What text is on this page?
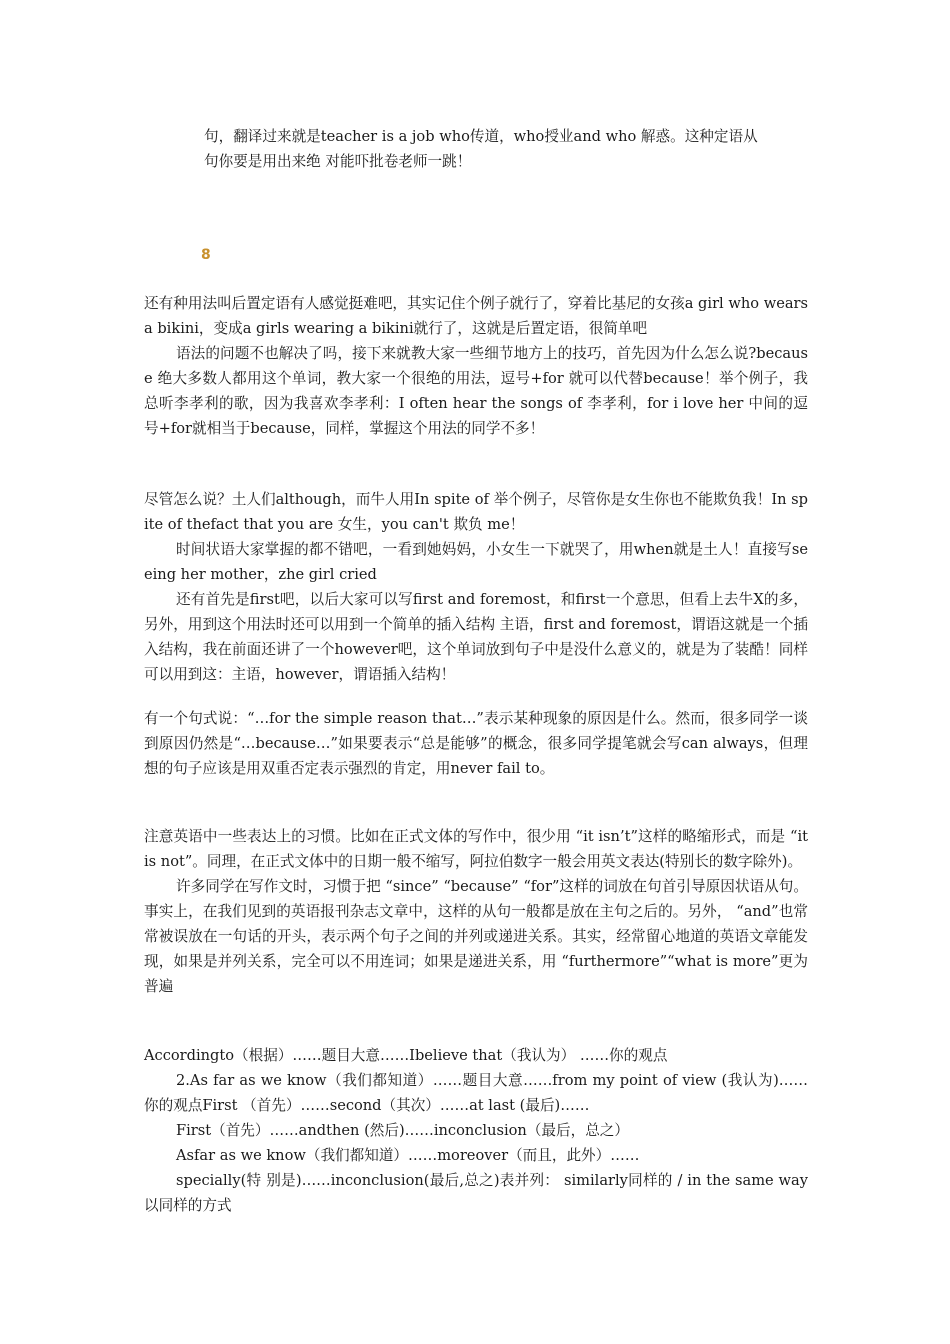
句，翻译过来就是teacher is a job who传道，who授业and who 解惑。这种定语从

句你要是用出来绝 对能吓批卷老师一跳！

8

还有种用法叫后置定语有人感觉挺难吧，其实记住个例子就行了，穿着比基尼的女孩a girl who wears a bikini，变成a girls wearing a bikini就行了，这就是后置定语，很简单吧

语法的问题不也解决了吗，接下来就教大家一些细节地方上的技巧，首先因为什么怎么说?because 绝大多数人都用这个单词，教大家一个很绝的用法，逗号+for 就可以代替because！举个例子，我总听李孝利的歌，因为我喜欢李孝利：I often hear the songs of 李孝利，for i love her 中间的逗号+for就相当于because，同样，掌握这个用法的同学不多！

尽管怎么说？土人们although，而牛人用In spite of 举个例子，尽管你是女生你也不能欺负我！In spite of thefact that you are 女生，you can't 欺负 me！

时间状语大家掌握的都不错吧，一看到她妈妈，小女生一下就哭了，用when就是土人！直接写seeing her mother，zhe girl cried

还有首先是first吧，以后大家可以写first and foremost，和first一个意思，但看上去牛X的多，另外，用到这个用法时还可以用到一个简单的插入结构 主语，first and foremost，谓语这就是一个插入结构，我在前面还讲了一个however吧，这个单词放到句子中是没什么意义的，就是为了装酷！同样可以用到这：主语，however，谓语插入结构！

有一个句式说：“…for the simple reason that…”表示某种现象的原因是什么。然而，很多同学一谈到原因仍然是“…because…”如果要表示“总是能够”的概念，很多同学提笔就会写can always，但理想的句子应该是用双重否定表示强烈的肯定，用never fail to。

注意英语中一些表达上的习惯。比如在正式文体的写作中，很少用 “it isn’t”这样的略缩形式，而是 “it is not”。同理，在正式文体中的日期一般不缩写，阿拉伯数字一般会用英文表达(特别长的数字除外)。

许多同学在写作文时，习惯于把 “since” “because” “for”这样的词放在句首引导原因状语从句。事实上，在我们见到的英语报刊杂志文章中，这样的从句一般都是放在主句之后的。另外， “and”也常常被误放在一句话的开头，表示两个句子之间的并列或递进关系。其实，经常留心地道的英语文章能发现，如果是并列关系，完全可以不用连词；如果是递进关系，用 “furthermore”“what is more”更为普遍

Accordingto（根据）……题目大意……Ibelieve that（我认为） ……你的观点

2.As far as we know（我们都知道）……题目大意……from my point of view (我认为)……你的观点First （首先）……second（其次）……at last (最后)……

First（首先）……andthen (然后)……inconclusion（最后，总之）

Asfar as we know（我们都知道）……moreover（而且，此外）……

specially(特 别是)……inconclusion(最后,总之)表并列： similarly同样的 / in the same way 以同样的方式
